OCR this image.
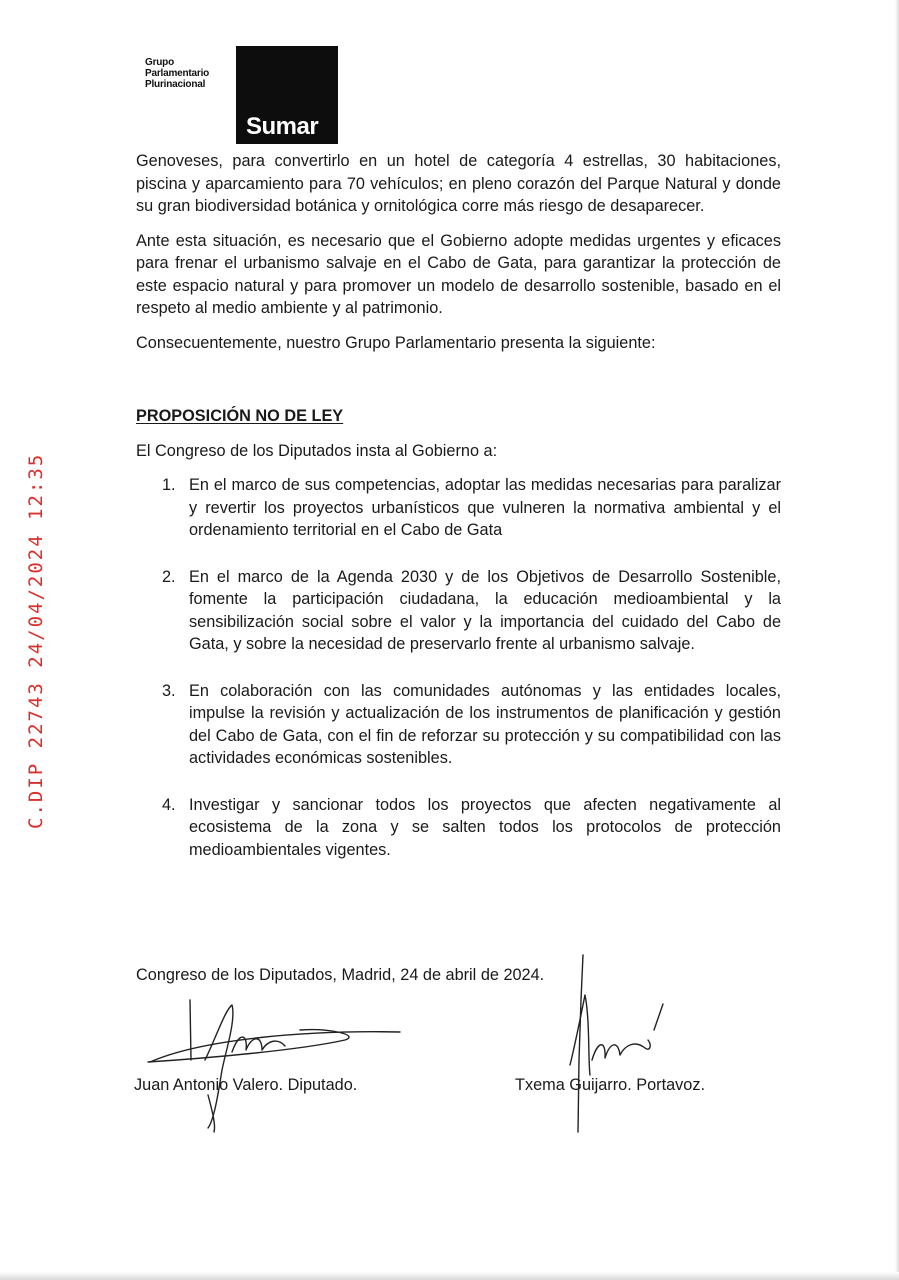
Grupo
Parlamentario
Plurinacional
Sumar
C.DIP 22743 24/04/2024 12:35

Genoveses, para convertirlo en un hotel de categoría 4 estrellas, 30 habitaciones, piscina y aparcamiento para 70 vehículos; en pleno corazón del Parque Natural y donde su gran biodiversidad botánica y ornitológica corre más riesgo de desaparecer.

Ante esta situación, es necesario que el Gobierno adopte medidas urgentes y eficaces para frenar el urbanismo salvaje en el Cabo de Gata, para garantizar la protección de este espacio natural y para promover un modelo de desarrollo sostenible, basado en el respeto al medio ambiente y al patrimonio.

Consecuentemente, nuestro Grupo Parlamentario presenta la siguiente:

PROPOSICIÓN NO DE LEY
El Congreso de los Diputados insta al Gobierno a:
1. En el marco de sus competencias, adoptar las medidas necesarias para paralizar y revertir los proyectos urbanísticos que vulneren la normativa ambiental y el ordenamiento territorial en el Cabo de Gata
2. En el marco de la Agenda 2030 y de los Objetivos de Desarrollo Sostenible, fomente la participación ciudadana, la educación medioambiental y la sensibilización social sobre el valor y la importancia del cuidado del Cabo de Gata, y sobre la necesidad de preservarlo frente al urbanismo salvaje.
3. En colaboración con las comunidades autónomas y las entidades locales, impulse la revisión y actualización de los instrumentos de planificación y gestión del Cabo de Gata, con el fin de reforzar su protección y su compatibilidad con las actividades económicas sostenibles.
4. Investigar y sancionar todos los proyectos que afecten negativamente al ecosistema de la zona y se salten todos los protocolos de protección medioambientales vigentes.
Congreso de los Diputados, Madrid, 24 de abril de 2024.
Juan Antonio Valero. Diputado.	Txema Guijarro. Portavoz.
